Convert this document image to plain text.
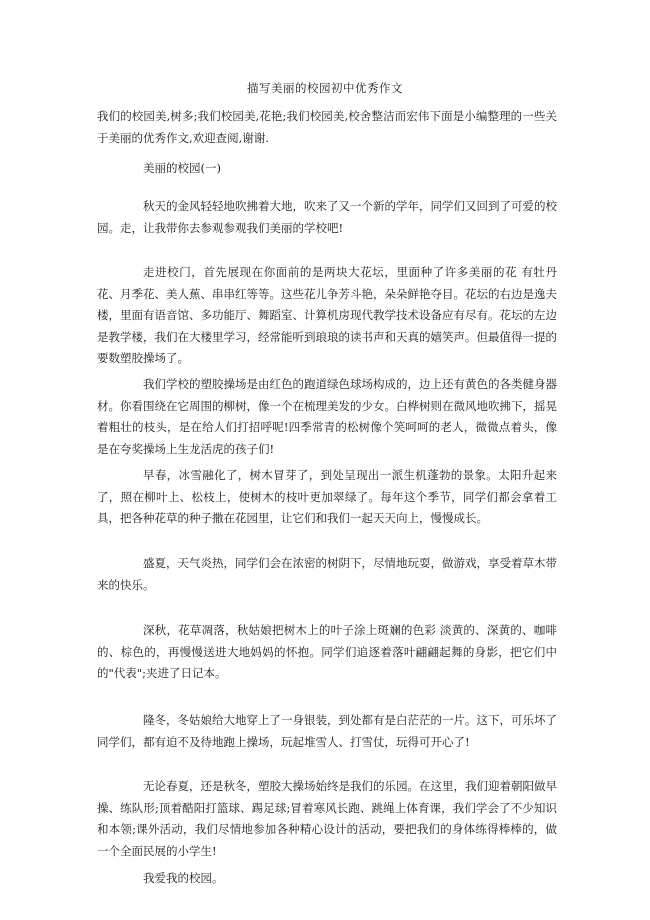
描写美丽的校园初中优秀作文

我们的校园美,树多;我们校园美,花艳;我们校园美,校舍整洁而宏伟下面是小编整理的一些关于美丽的优秀作文,欢迎查阅,谢谢.

美丽的校园(一)

秋天的金风轻轻地吹拂着大地，吹来了又一个新的学年，同学们又回到了可爱的校园。走，让我带你去参观参观我们美丽的学校吧!

走进校门，首先展现在你面前的是两块大花坛，里面种了许多美丽的花 有牡丹花、月季花、美人蕉、串串红等等。这些花儿争芳斗艳，朵朵鲜艳夺目。花坛的右边是逸夫楼，里面有语音馆、多功能厅、舞蹈室、计算机房现代教学技术设备应有尽有。花坛的左边是教学楼，我们在大楼里学习，经常能听到琅琅的读书声和天真的嬉笑声。但最值得一提的要数塑胶操场了。

我们学校的塑胶操场是由红色的跑道绿色球场构成的，边上还有黄色的各类健身器材。你看围绕在它周围的柳树，像一个在梳理美发的少女。白桦树则在微风地吹拂下，摇晃着粗壮的枝头，是在给人们打招呼呢!四季常青的松树像个笑呵呵的老人，微微点着头，像是在夸奖操场上生龙活虎的孩子们!

早春，冰雪融化了，树木冒芽了，到处呈现出一派生机蓬勃的景象。太阳升起来了，照在柳叶上、松枝上，使树木的枝叶更加翠绿了。每年这个季节，同学们都会拿着工具，把各种花草的种子撒在花园里，让它们和我们一起天天向上，慢慢成长。

盛夏，天气炎热，同学们会在浓密的树阴下，尽情地玩耍，做游戏，享受着草木带来的快乐。

深秋，花草凋落，秋姑娘把树木上的叶子涂上斑斓的色彩 淡黄的、深黄的、咖啡的、棕色的，再慢慢送进大地妈妈的怀抱。同学们追逐着落叶翩翩起舞的身影，把它们中的"代表";夹进了日记本。

隆冬，冬姑娘给大地穿上了一身银装，到处都有是白茫茫的一片。这下，可乐坏了同学们，都有迫不及待地跑上操场，玩起堆雪人、打雪仗，玩得可开心了!

无论春夏，还是秋冬，塑胶大操场始终是我们的乐园。在这里，我们迎着朝阳做早操、练队形;顶着酷阳打篮球、踢足球;冒着寒风长跑、跳绳上体育课，我们学会了不少知识和本领;课外活动，我们尽情地参加各种精心设计的活动，要把我们的身体练得棒棒的，做一个全面民展的小学生!

我爱我的校园。
